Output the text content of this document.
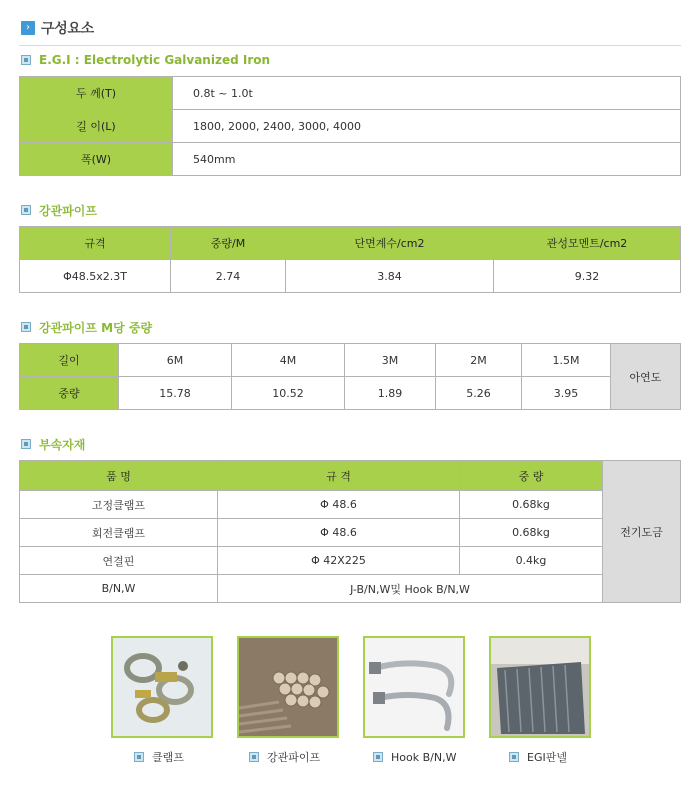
› 구성요소
E.G.I : Electrolytic Galvanized Iron
두 께(T)	0.8t ~ 1.0t
길 이(L)	1800, 2000, 2400, 3000, 4000
폭(W)	540mm
강관파이프
규격	중량/M	단면계수/cm2	관성모멘트/cm2
Φ48.5x2.3T	2.74	3.84	9.32
강관파이프 M당 중량
길이	6M	4M	3M	2M	1.5M	아연도
중량	15.78	10.52	1.89	5.26	3.95	
부속자재
품 명	규 격	중 량	전기도금
고정클램프	Φ 48.6	0.68kg	
회전클램프	Φ 48.6	0.68kg	
연결핀	Φ 42X225	0.4kg	
B/N,W	J-B/N,W및 Hook B/N,W		
클램프	강관파이프	Hook B/N,W	EGI판넬
